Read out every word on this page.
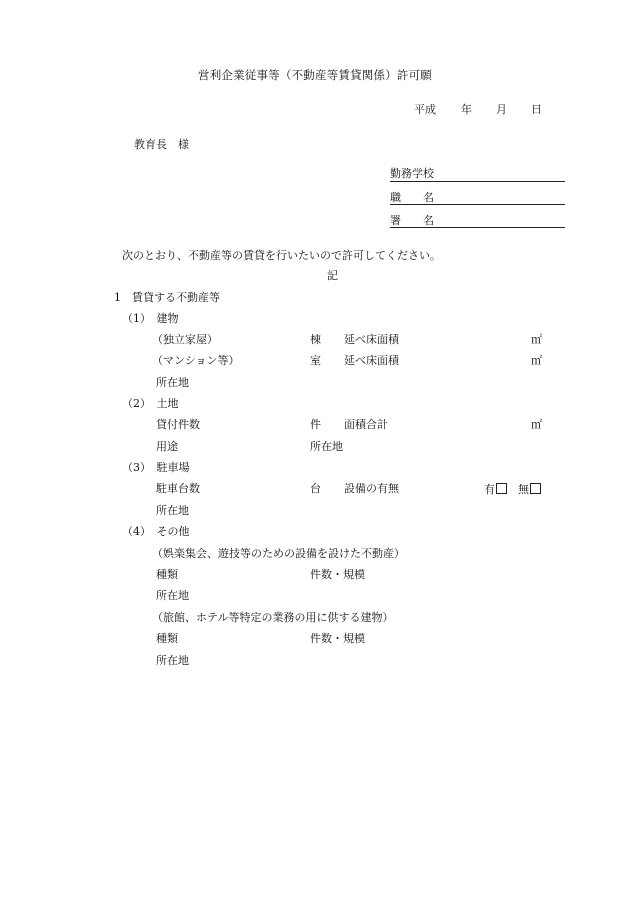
営利企業従事等（不動産等賃貸関係）許可願
平成 年 月 日
教育長　様
勤務学校
職　　名
署　　名
次のとおり、不動産等の賃貸を行いたいので許可してください。
記
1　賃貸する不動産等
（1）　建物
（独立家屋）	棟 延べ床面積	㎡
（マンション等）	室 延べ床面積	㎡
所在地
（2）　土地
貸付件数	件 面積合計	㎡
用途	所在地
（3）　駐車場
駐車台数	台 設備の有無	有	無
所在地
（4）　その他
（娯楽集会、遊技等のための設備を設けた不動産）
種類	件数・規模
所在地
（旅館、ホテル等特定の業務の用に供する建物）
種類	件数・規模
所在地
